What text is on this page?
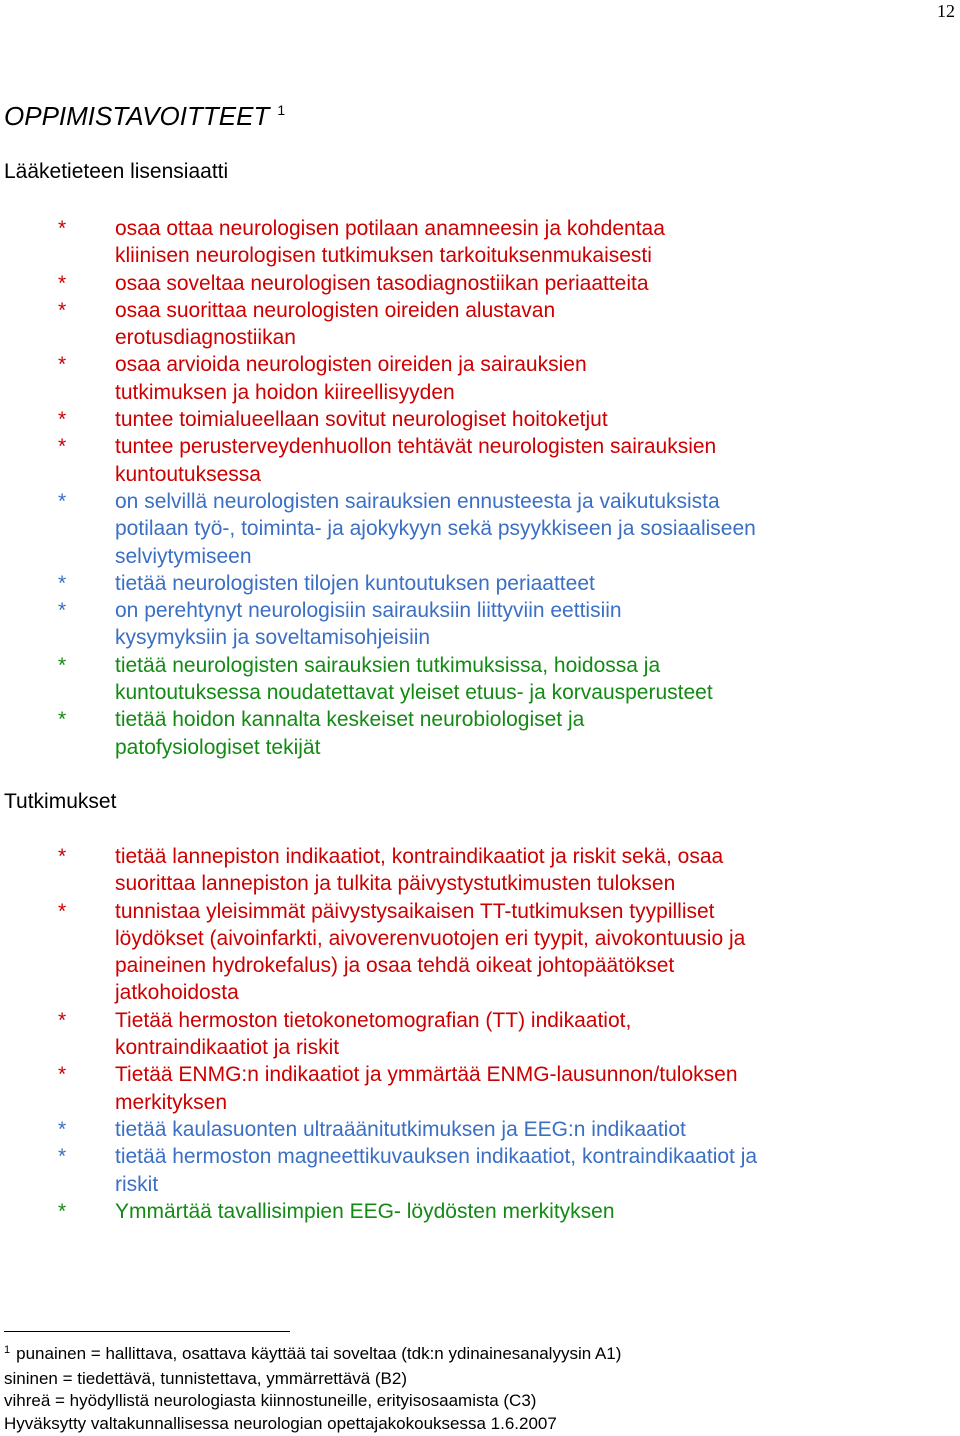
12
OPPIMISTAVOITTEET $^1$
Lääketieteen lisensiaatti
* osaa ottaa neurologisen potilaan anamneesin ja kohdentaa
kliinisen neurologisen tutkimuksen tarkoituksenmukaisesti
* osaa soveltaa neurologisen tasodiagnostiikan periaatteita
* osaa suorittaa neurologisten oireiden alustavan
erotusdiagnostiikan
* osaa arvioida neurologisten oireiden ja sairauksien
tutkimuksen ja hoidon kiireellisyyden
* tuntee toimialueellaan sovitut neurologiset hoitoketjut
* tuntee perusterveydenhuollon tehtävät neurologisten sairauksien
kuntoutuksessa
* on selvillä neurologisten sairauksien ennusteesta ja vaikutuksista
potilaan työ-, toiminta- ja ajokykyyn sekä psyykkiseen ja sosiaaliseen
selviytymiseen
* tietää neurologisten tilojen kuntoutuksen periaatteet
* on perehtynyt neurologisiin sairauksiin liittyviin eettisiin
kysymyksiin ja soveltamisohjeisiin
* tietää neurologisten sairauksien tutkimuksissa, hoidossa ja
kuntoutuksessa noudatettavat yleiset etuus- ja korvausperusteet
* tietää hoidon kannalta keskeiset neurobiologiset ja
patofysiologiset tekijät
Tutkimukset
* tietää lannepiston indikaatiot, kontraindikaatiot ja riskit sekä, osaa
suorittaa lannepiston ja tulkita päivystystutkimusten tuloksen
* tunnistaa yleisimmät päivystysaikaisen TT-tutkimuksen tyypilliset
löydökset (aivoinfarkti, aivoverenvuotojen eri tyypit, aivokontuusio ja
paineinen hydrokefalus) ja osaa tehdä oikeat johtopäätökset
jatkohoidosta
* Tietää hermoston tietokonetomografian (TT) indikaatiot,
kontraindikaatiot ja riskit
* Tietää ENMG:n indikaatiot ja ymmärtää ENMG-lausunnon/tuloksen
merkityksen
* tietää kaulasuonten ultraäänitutkimuksen ja EEG:n indikaatiot
* tietää hermoston magneettikuvauksen indikaatiot, kontraindikaatiot ja
riskit
* Ymmärtää tavallisimpien EEG- löydösten merkityksen
$^1$ punainen = hallittava, osattava käyttää tai soveltaa (tdk:n ydinainesanalyysin A1)
sininen = tiedettävä, tunnistettava, ymmärrettävä (B2)
vihreä = hyödyllistä neurologiasta kiinnostuneille, erityisosaamista (C3)
Hyväksytty valtakunnallisessa neurologian opettajakokouksessa 1.6.2007
